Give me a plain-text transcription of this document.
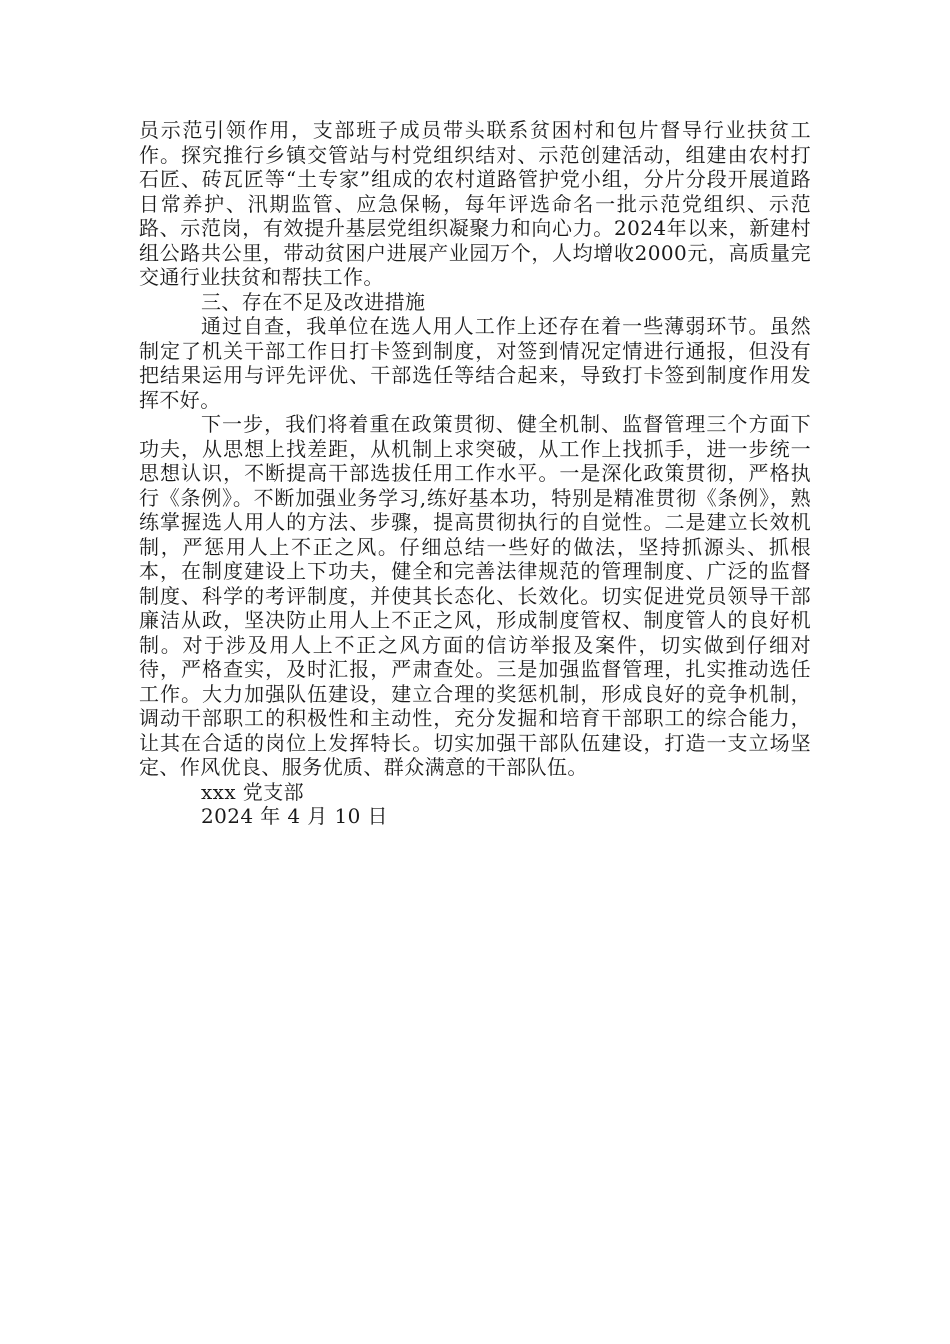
员示范引领作用，支部班子成员带头联系贫困村和包片督导行业扶贫工作。探究推行乡镇交管站与村党组织结对、示范创建活动，组建由农村打石匠、砖瓦匠等“土专家”组成的农村道路管护党小组，分片分段开展道路日常养护、汛期监管、应急保畅，每年评选命名一批示范党组织、示范路、示范岗，有效提升基层党组织凝聚力和向心力。2024年以来，新建村组公路共公里，带动贫困户进展产业园万个，人均增收2000元，高质量完交通行业扶贫和帮扶工作。

三、存在不足及改进措施

通过自查，我单位在选人用人工作上还存在着一些薄弱环节。虽然制定了机关干部工作日打卡签到制度，对签到情况定情进行通报，但没有把结果运用与评先评优、干部选任等结合起来，导致打卡签到制度作用发挥不好。

下一步，我们将着重在政策贯彻、健全机制、监督管理三个方面下功夫，从思想上找差距，从机制上求突破，从工作上找抓手，进一步统一思想认识，不断提高干部选拔任用工作水平。一是深化政策贯彻，严格执行《条例》。不断加强业务学习,练好基本功，特别是精准贯彻《条例》，熟练掌握选人用人的方法、步骤，提高贯彻执行的自觉性。二是建立长效机制，严惩用人上不正之风。仔细总结一些好的做法，坚持抓源头、抓根本，在制度建设上下功夫，健全和完善法律规范的管理制度、广泛的监督制度、科学的考评制度，并使其长态化、长效化。切实促进党员领导干部廉洁从政，坚决防止用人上不正之风，形成制度管权、制度管人的良好机制。对于涉及用人上不正之风方面的信访举报及案件，切实做到仔细对待，严格查实，及时汇报，严肃查处。三是加强监督管理，扎实推动选任工作。大力加强队伍建设，建立合理的奖惩机制，形成良好的竞争机制，调动干部职工的积极性和主动性，充分发掘和培育干部职工的综合能力，让其在合适的岗位上发挥特长。切实加强干部队伍建设，打造一支立场坚定、作风优良、服务优质、群众满意的干部队伍。

xxx 党支部

2024 年 4 月 10 日
